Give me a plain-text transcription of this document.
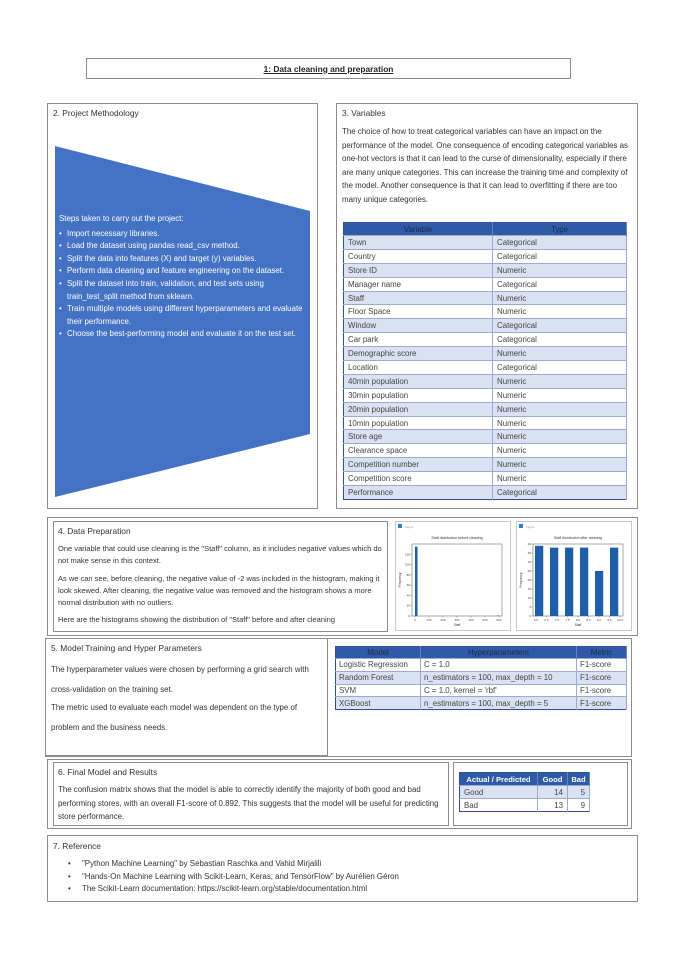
1: Data cleaning and preparation
2. Project Methodology
Steps taken to carry out the project:
• Import necessary libraries.
• Load the dataset using pandas read_csv method.
• Split the data into features (X) and target (y) variables.
• Perform data cleaning and feature engineering on the dataset.
• Split the dataset into train, validation, and test sets using train_test_split method from sklearn.
• Train multiple models using different hyperparameters and evaluate their performance.
• Choose the best-performing model and evaluate it on the test set.
3. Variables

The choice of how to treat categorical variables can have an impact on the performance of the model. One consequence of encoding categorical variables as one-hot vectors is that it can lead to the curse of dimensionality, especially if there are many unique categories. This can increase the training time and complexity of the model. Another consequence is that it can lead to overfitting if there are too many unique categories.

Variable	Type
Town	Categorical
Country	Categorical
Store ID	Numeric
Manager name	Categorical
Staff	Numeric
Floor Space	Numeric
Window	Categorical
Car park	Categorical
Demographic score	Numeric
Location	Categorical
40min population	Numeric
30min population	Numeric
20min population	Numeric
10min population	Numeric
Store age	Numeric
Clearance space	Numeric
Competition number	Numeric
Competition score	Numeric
Performance	Categorical
4. Data Preparation

One variable that could use cleaning is the "Staff" column, as it includes negative values which do not make sense in this context.

As we can see, before cleaning, the negative value of -2 was included in the histogram, making it look skewed. After cleaning, the negative value was removed and the histogram shows a more normal distribution with no outliers.

Here are the histograms showing the distribution of "Staff" before and after cleaning

Figure
Staff distribution before cleaning
0
20
40
60
80
100
120
0	100	200	300	400	500	600
Staff
Frequency
Figure
Staff distribution after cleaning
0
5
10
15
20
25
30
35
40
6.0 6.5 7.0 7.5 8.0 8.5 9.0 9.5 10.0
Staff
Frequency
5. Model Training and Hyper Parameters

The hyperparameter values were chosen by performing a grid search with cross-validation on the training set.

The metric used to evaluate each model was dependent on the type of problem and the business needs.

Model	Hyperparameters	Metric
Logistic Regression	C = 1.0	F1-score
Random Forest	n_estimators = 100, max_depth = 10	F1-score
SVM	C = 1.0, kernel = 'rbf'	F1-score
XGBoost	n_estimators = 100, max_depth = 5	F1-score
6. Final Model and Results

The confusion matrix shows that the model is able to correctly identify the majority of both good and bad performing stores, with an overall F1-score of 0.892. This suggests that the model will be useful for predicting store performance.

Actual / Predicted	Good	Bad
Good	14	5
Bad	13	9
7. Reference
• "Python Machine Learning" by Sebastian Raschka and Vahid Mirjalili
• "Hands-On Machine Learning with Scikit-Learn, Keras, and TensorFlow" by Aurélien Géron
• The Scikit-Learn documentation: https://scikit-learn.org/stable/documentation.html
